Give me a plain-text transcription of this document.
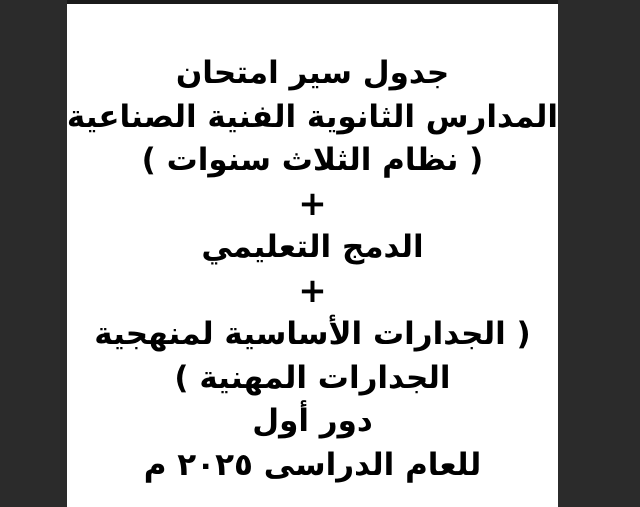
جدول سير امتحان
المدارس الثانوية الفنية الصناعية
( نظام الثلاث سنوات )
+
الدمج التعليمي
+
( الجدارات الأساسية لمنهجية
الجدارات المهنية )
دور أول
للعام الدراسى ٢٠٢٥ م
